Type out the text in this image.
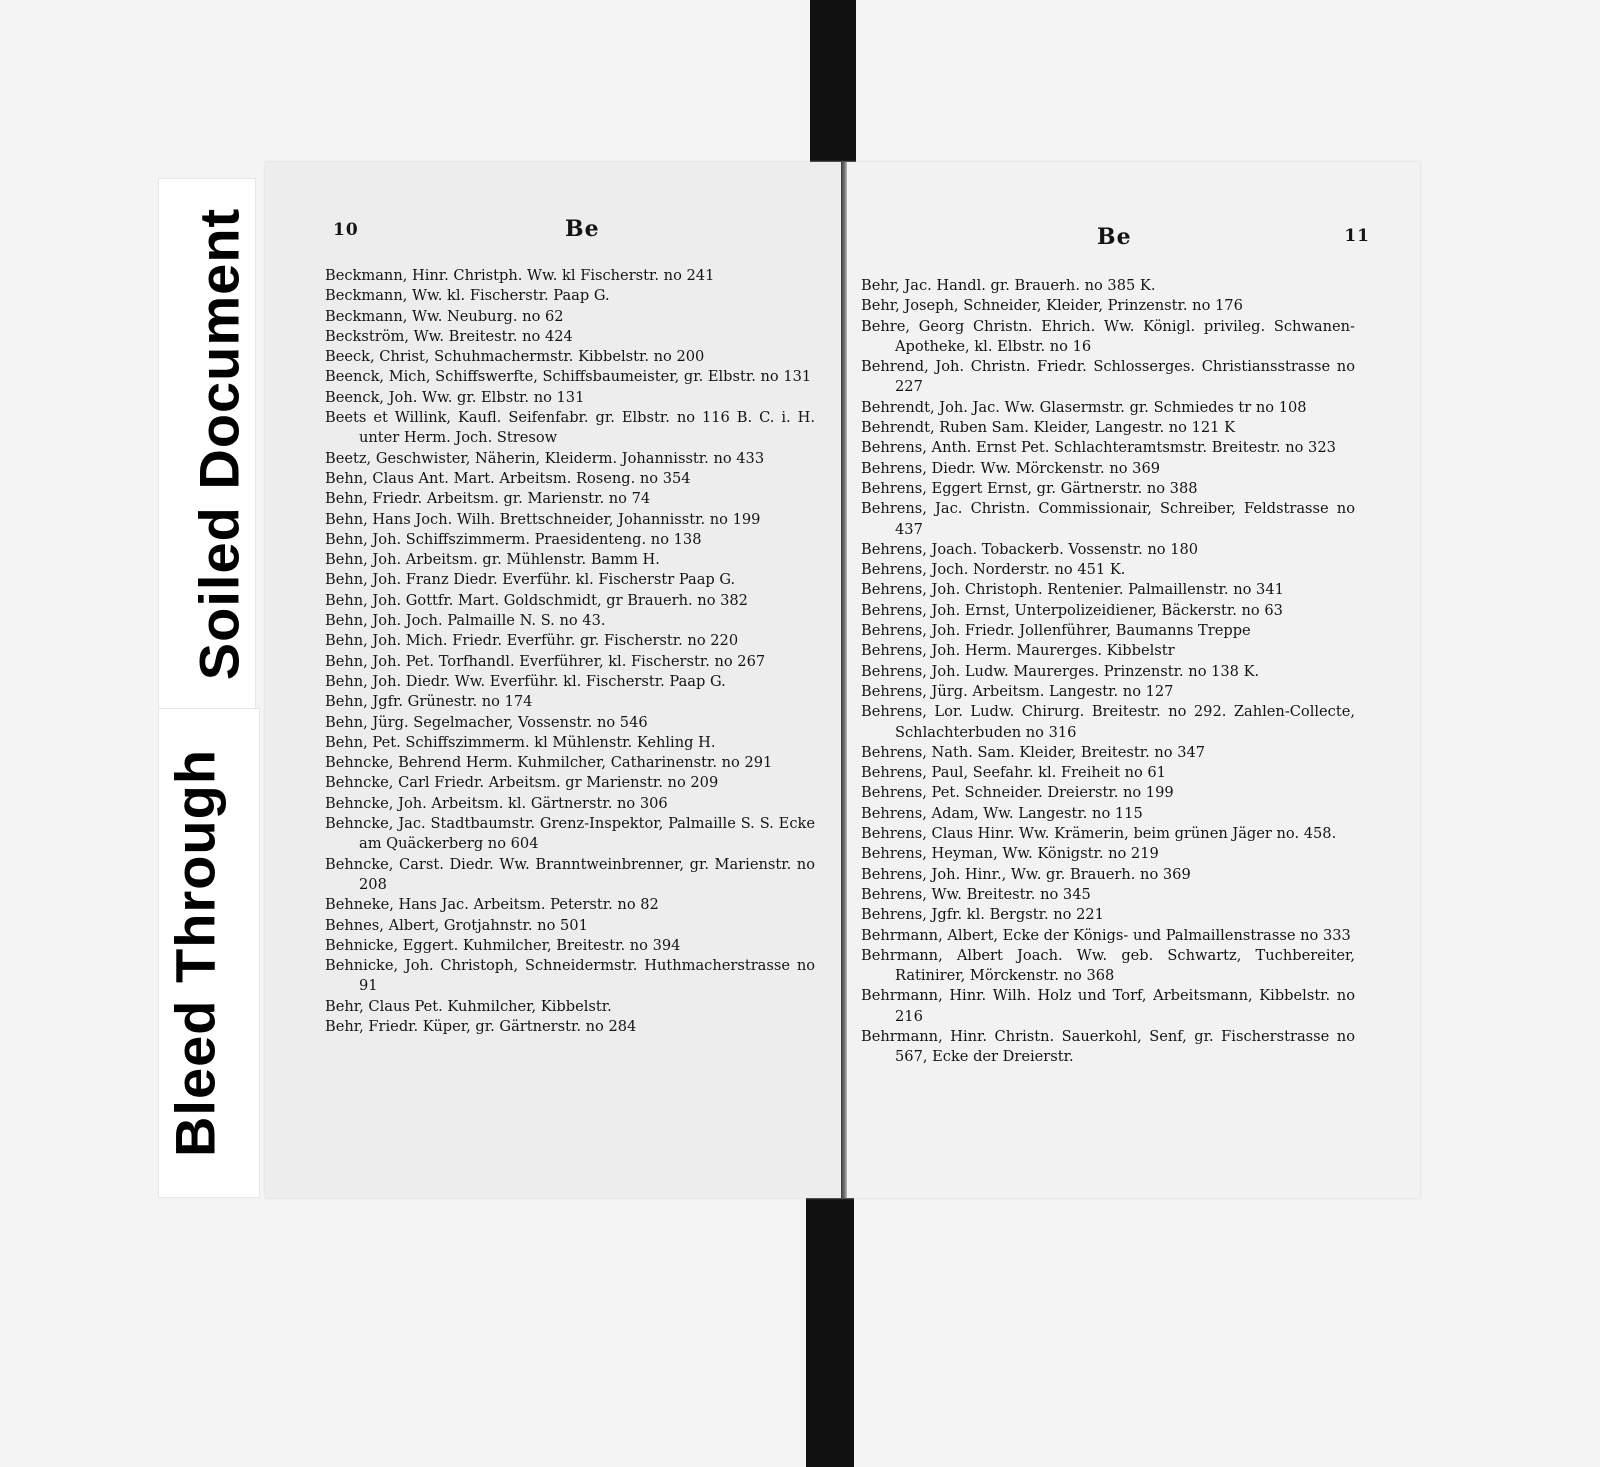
Soiled Document
Bleed Through
10	Be
Beckmann, Hinr. Christph. Ww. kl Fischerstr. no 241
Beckmann, Ww. kl. Fischerstr. Paap G.
Beckmann, Ww. Neuburg. no 62
Beckström, Ww. Breitestr. no 424
Beeck, Christ, Schuhmachermstr. Kibbelstr. no 200
Beenck, Mich, Schiffswerfte, Schiffsbaumeister, gr. Elbstr. no 131
Beenck, Joh. Ww. gr. Elbstr. no 131
Beets et Willink, Kaufl. Seifenfabr. gr. Elbstr. no 116 B. C. i. H. unter Herm. Joch. Stresow
Beetz, Geschwister, Näherin, Kleiderm. Johannisstr. no 433
Behn, Claus Ant. Mart. Arbeitsm. Roseng. no 354
Behn, Friedr. Arbeitsm. gr. Marienstr. no 74
Behn, Hans Joch. Wilh. Brettschneider, Johannisstr. no 199
Behn, Joh. Schiffszimmerm. Praesidenteng. no 138
Behn, Joh. Arbeitsm. gr. Mühlenstr. Bamm H.
Behn, Joh. Franz Diedr. Everführ. kl. Fischerstr Paap G.
Behn, Joh. Gottfr. Mart. Goldschmidt, gr Brauerh. no 382
Behn, Joh. Joch. Palmaille N. S. no 43.
Behn, Joh. Mich. Friedr. Everführ. gr. Fischerstr. no 220
Behn, Joh. Pet. Torfhandl. Everführer, kl. Fischerstr. no 267
Behn, Joh. Diedr. Ww. Everführ. kl. Fischerstr. Paap G.
Behn, Jgfr. Grünestr. no 174
Behn, Jürg. Segelmacher, Vossenstr. no 546
Behn, Pet. Schiffszimmerm. kl Mühlenstr. Kehling H.
Behncke, Behrend Herm. Kuhmilcher, Catharinenstr. no 291
Behncke, Carl Friedr. Arbeitsm. gr Marienstr. no 209
Behncke, Joh. Arbeitsm. kl. Gärtnerstr. no 306
Behncke, Jac. Stadtbaumstr. Grenz-Inspektor, Palmaille S. S. Ecke am Quäckerberg no 604
Behncke, Carst. Diedr. Ww. Branntweinbrenner, gr. Marienstr. no 208
Behneke, Hans Jac. Arbeitsm. Peterstr. no 82
Behnes, Albert, Grotjahnstr. no 501
Behnicke, Eggert. Kuhmilcher, Breitestr. no 394
Behnicke, Joh. Christoph, Schneidermstr. Huthmacherstrasse no 91
Behr, Claus Pet. Kuhmilcher, Kibbelstr.
Behr, Friedr. Küper, gr. Gärtnerstr. no 284
11
Be
Behr, Jac. Handl. gr. Brauerh. no 385 K.
Behr, Joseph, Schneider, Kleider, Prinzenstr. no 176
Behre, Georg Christn. Ehrich. Ww. Königl. privileg. Schwanen-Apotheke, kl. Elbstr. no 16
Behrend, Joh. Christn. Friedr. Schlosserges. Christiansstrasse no 227
Behrendt, Joh. Jac. Ww. Glasermstr. gr. Schmiedes tr no 108
Behrendt, Ruben Sam. Kleider, Langestr. no 121 K
Behrens, Anth. Ernst Pet. Schlachteramtsmstr. Breitestr. no 323
Behrens, Diedr. Ww. Mörckenstr. no 369
Behrens, Eggert Ernst, gr. Gärtnerstr. no 388
Behrens, Jac. Christn. Commissionair, Schreiber, Feldstrasse no 437
Behrens, Joach. Tobackerb. Vossenstr. no 180
Behrens, Joch. Norderstr. no 451 K.
Behrens, Joh. Christoph. Rentenier. Palmaillenstr. no 341
Behrens, Joh. Ernst, Unterpolizeidiener, Bäckerstr. no 63
Behrens, Joh. Friedr. Jollenführer, Baumanns Treppe
Behrens, Joh. Herm. Maurerges. Kibbelstr
Behrens, Joh. Ludw. Maurerges. Prinzenstr. no 138 K.
Behrens, Jürg. Arbeitsm. Langestr. no 127
Behrens, Lor. Ludw. Chirurg. Breitestr. no 292. Zahlen-Collecte, Schlachterbuden no 316
Behrens, Nath. Sam. Kleider, Breitestr. no 347
Behrens, Paul, Seefahr. kl. Freiheit no 61
Behrens, Pet. Schneider. Dreierstr. no 199
Behrens, Adam, Ww. Langestr. no 115
Behrens, Claus Hinr. Ww. Krämerin, beim grünen Jäger no. 458.
Behrens, Heyman, Ww. Königstr. no 219
Behrens, Joh. Hinr., Ww. gr. Brauerh. no 369
Behrens, Ww. Breitestr. no 345
Behrens, Jgfr. kl. Bergstr. no 221
Behrmann, Albert, Ecke der Königs- und Palmaillenstrasse no 333
Behrmann, Albert Joach. Ww. geb. Schwartz, Tuchbereiter, Ratinirer, Mörckenstr. no 368
Behrmann, Hinr. Wilh. Holz und Torf, Arbeitsmann, Kibbelstr. no 216
Behrmann, Hinr. Christn. Sauerkohl, Senf, gr. Fischerstrasse no 567, Ecke der Dreierstr.
